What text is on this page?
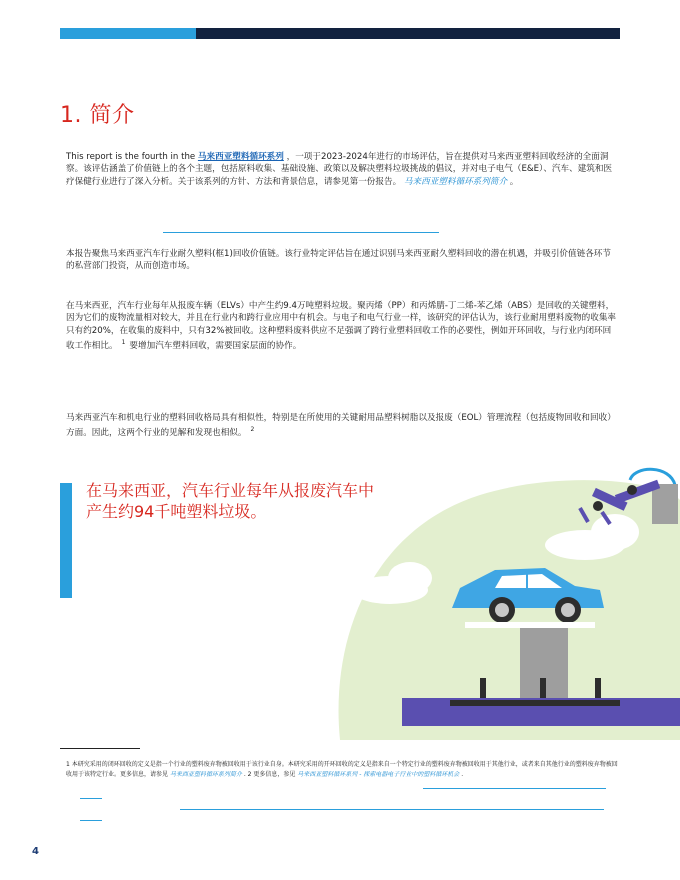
1. 简介

This report is the fourth in the 马来西亚塑料循环系列 ，一项于2023-2024年进行的市场评估，旨在提供对马来西亚塑料回收经济的全面洞察。该评估涵盖了价值链上的各个主题，包括原料收集、基础设施、政策以及解决塑料垃圾挑战的倡议，并对电子电气（E&E）、汽车、建筑和医疗保健行业进行了深入分析。关于该系列的方针、方法和背景信息，请参见第一份报告。 马来西亚塑料循环系列简介 。

本报告聚焦马来西亚汽车行业耐久塑料(框1)回收价值链。该行业特定评估旨在通过识别马来西亚耐久塑料回收的潜在机遇，并吸引价值链各环节的私营部门投资，从而创造市场。

在马来西亚，汽车行业每年从报废车辆（ELVs）中产生约9.4万吨塑料垃圾。聚丙烯（PP）和丙烯腈-丁二烯-苯乙烯（ABS）是回收的关键塑料，因为它们的废物流量相对较大，并且在行业内和跨行业应用中有机会。与电子和电气行业一样，该研究的评估认为，该行业耐用塑料废物的收集率只有约20%，在收集的废料中，只有32%被回收。这种塑料废料供应不足强调了跨行业塑料回收工作的必要性，例如开环回收，与行业内闭环回收工作相比。 $^1$ 要增加汽车塑料回收，需要国家层面的协作。

马来西亚汽车和机电行业的塑料回收格局具有相似性，特别是在所使用的关键耐用品塑料树脂以及报废（EOL）管理流程（包括废物回收和回收）方面。因此，这两个行业的见解和发现也相似。 $^2$

在马来西亚，汽车行业每年从报废汽车中产生约94千吨塑料垃圾。

1 本研究采用的闭环回收的定义是指一个行业的塑料废弃物被回收用于该行业自身。本研究采用的开环回收的定义是指来自一个特定行业的塑料废弃物被回收用于其他行业，或者来自其他行业的塑料废弃物被回收用于该特定行业。更多信息，请参见 马来西亚塑料循环系列简介 . 2 更多信息，参见 马来西亚塑料循环系列 - 探索电器电子行业中的塑料循环机会 .

4
